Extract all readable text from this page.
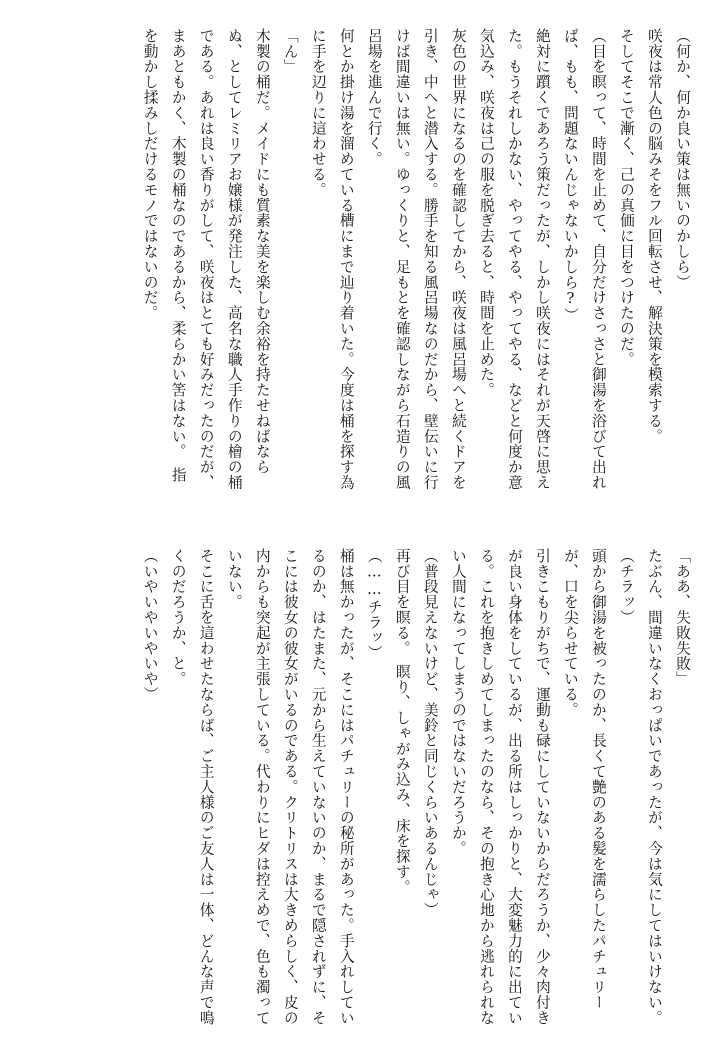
（何か、何か良い策は無いのかしら）

咲夜は常人色の脳みそをフル回転させ、解決策を模索する。

そしてそこで漸く、己の真価に目をつけたのだ。

（目を瞑って、時間を止めて、自分だけさっさと御湯を浴びて出れば、もも、問題ないんじゃないかしら?）

絶対に躓くであろう策だったが、しかし咲夜にはそれが天啓に思えた。もうそれしかない、やってやる、やってやる、などと何度か意気込み、咲夜は己の服を脱ぎ去ると、時間を止めた。

灰色の世界になるのを確認してから、咲夜は風呂場へと続くドアを引き、中へと潜入する。勝手を知る風呂場なのだから、壁伝いに行けば間違いは無い。ゆっくりと、足もとを確認しながら石造りの風呂場を進んで行く。

何とか掛け湯を溜めている槽にまで辿り着いた。今度は桶を探す為に手を辺りに這わせる。

「ん」

木製の桶だ。メイドにも質素な美を楽しむ余裕を持たせねばならぬ、としてレミリアお嬢様が発注した、高名な職人手作りの檜の桶である。あれは良い香りがして、咲夜はとても好みだったのだが、まあともかく、木製の桶なのであるから、柔らかい筈はない。　指を動かし揉みしだけるモノではないのだ。

「ああ、失敗失敗」

たぶん、間違いなくおっぱいであったが、今は気にしてはいけない。

（チラッ）

頭から御湯を被ったのか、長くて艶のある髪を濡らしたパチュリーが、口を尖らせている。

引きこもりがちで、運動も碌にしていないからだろうか、少々肉付きが良い身体をしているが、出る所はしっかりと、大変魅力的に出ている。これを抱きしめてしまったのなら、その抱き心地から逃れられない人間になってしまうのではないだろうか。

（普段見えないけど、美鈴と同じくらいあるんじゃ）

再び目を瞑る。　瞑り、しゃがみ込み、床を探す。

（……チラッ）

桶は無かったが、そこにはパチュリーの秘所があった。手入れしているのか、はたまた、元から生えていないのか、まるで隠されずに、そこには彼女の彼女がいるのである。クリトリスは大きめらしく、皮の内からも突起が主張している。代わりにヒダは控えめで、色も濁っていない。

そこに舌を這わせたならば、ご主人様のご友人は一体、どんな声で鳴くのだろうか、と。

（いやいやいやいや）
